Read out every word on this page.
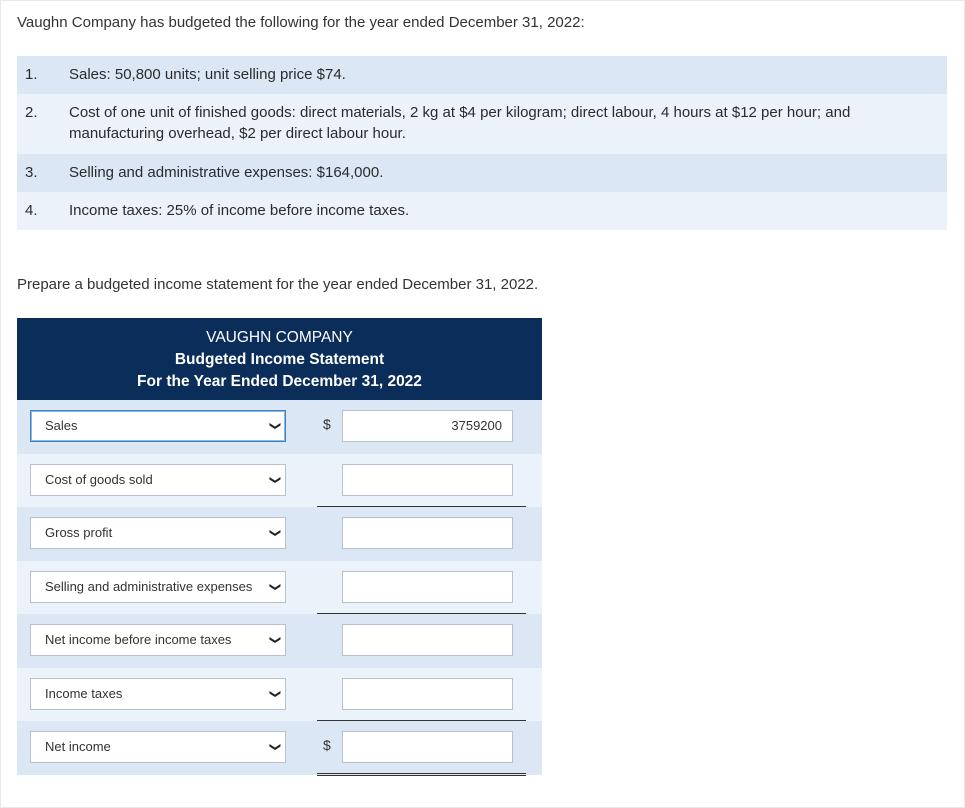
Vaughn Company has budgeted the following for the year ended December 31, 2022:
1.	Sales: 50,800 units; unit selling price $74.
2.	Cost of one unit of finished goods: direct materials, 2 kg at $4 per kilogram; direct labour, 4 hours at $12 per hour; and manufacturing overhead, $2 per direct labour hour.
3.	Selling and administrative expenses: $164,000.
4.	Income taxes: 25% of income before income taxes.
Prepare a budgeted income statement for the year ended December 31, 2022.
VAUGHN COMPANY
Budgeted Income Statement
For the Year Ended December 31, 2022
Sales	❯	$	3759200
Cost of goods sold	❯
Gross profit	❯
Selling and administrative expenses	❯
Net income before income taxes	❯
Income taxes	❯
Net income	❯	$
